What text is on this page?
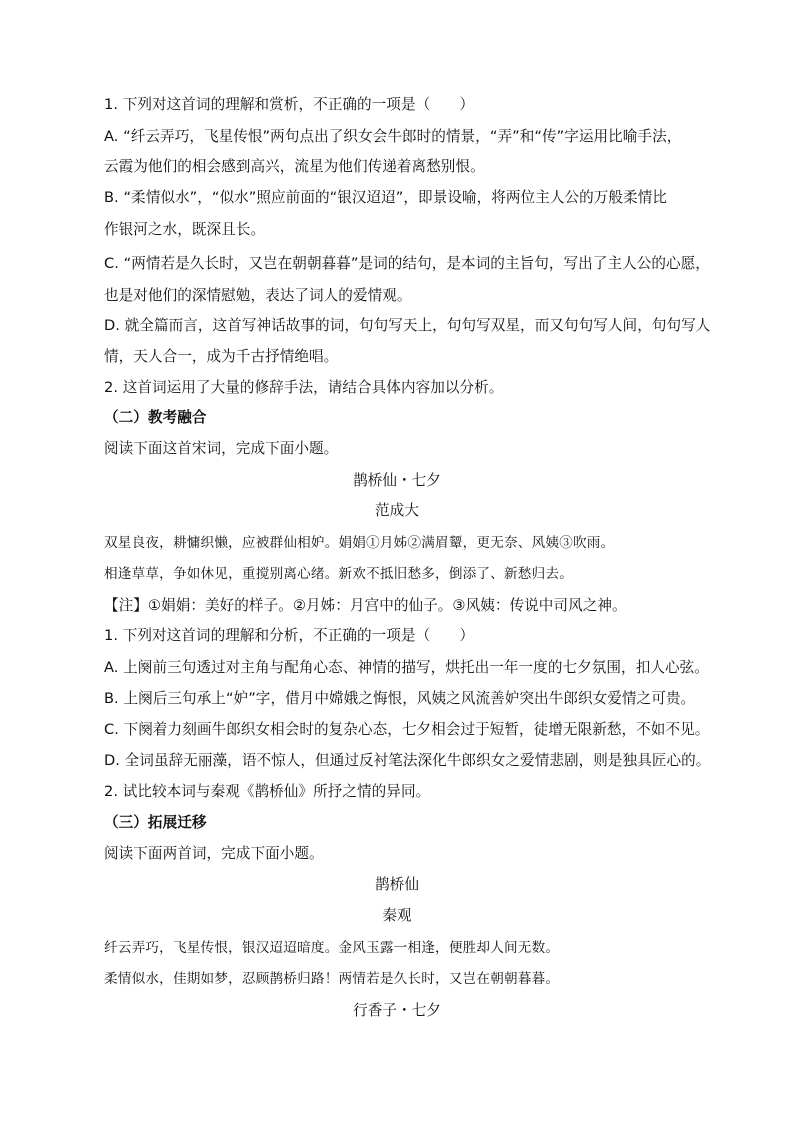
1. 下列对这首词的理解和赏析，不正确的一项是（　　）
A. “纤云弄巧，飞星传恨”两句点出了织女会牛郎时的情景，“弄”和“传”字运用比喻手法，
云霞为他们的相会感到高兴，流星为他们传递着离愁别恨。
B. “柔情似水”，“似水”照应前面的“银汉迢迢”，即景设喻，将两位主人公的万般柔情比
作银河之水，既深且长。
C. “两情若是久长时，又岂在朝朝暮暮”是词的结句，是本词的主旨句，写出了主人公的心愿，
也是对他们的深情慰勉，表达了词人的爱情观。
D. 就全篇而言，这首写神话故事的词，句句写天上，句句写双星，而又句句写人间，句句写人
情，天人合一，成为千古抒情绝唱。
2. 这首词运用了大量的修辞手法，请结合具体内容加以分析。
（二）教考融合
阅读下面这首宋词，完成下面小题。
鹊桥仙・七夕
范成大
双星良夜，耕慵织懒，应被群仙相妒。娟娟①月姊②满眉颦，更无奈、风姨③吹雨。
相逢草草，争如休见，重搅别离心绪。新欢不抵旧愁多，倒添了、新愁归去。
【注】①娟娟：美好的样子。②月姊：月宫中的仙子。③风姨：传说中司风之神。
1. 下列对这首词的理解和分析，不正确的一项是（　　）
A. 上阕前三句透过对主角与配角心态、神情的描写，烘托出一年一度的七夕氛围，扣人心弦。
B. 上阕后三句承上“妒”字，借月中嫦娥之悔恨，风姨之风流善妒突出牛郎织女爱情之可贵。
C. 下阕着力刻画牛郎织女相会时的复杂心态，七夕相会过于短暂，徒增无限新愁，不如不见。
D. 全词虽辞无丽藻，语不惊人，但通过反衬笔法深化牛郎织女之爱情悲剧，则是独具匠心的。
2. 试比较本词与秦观《鹊桥仙》所抒之情的异同。
（三）拓展迁移
阅读下面两首词，完成下面小题。
鹊桥仙
秦观
纤云弄巧，飞星传恨，银汉迢迢暗度。金风玉露一相逢，便胜却人间无数。
柔情似水，佳期如梦，忍顾鹊桥归路！两情若是久长时，又岂在朝朝暮暮。
行香子・七夕
